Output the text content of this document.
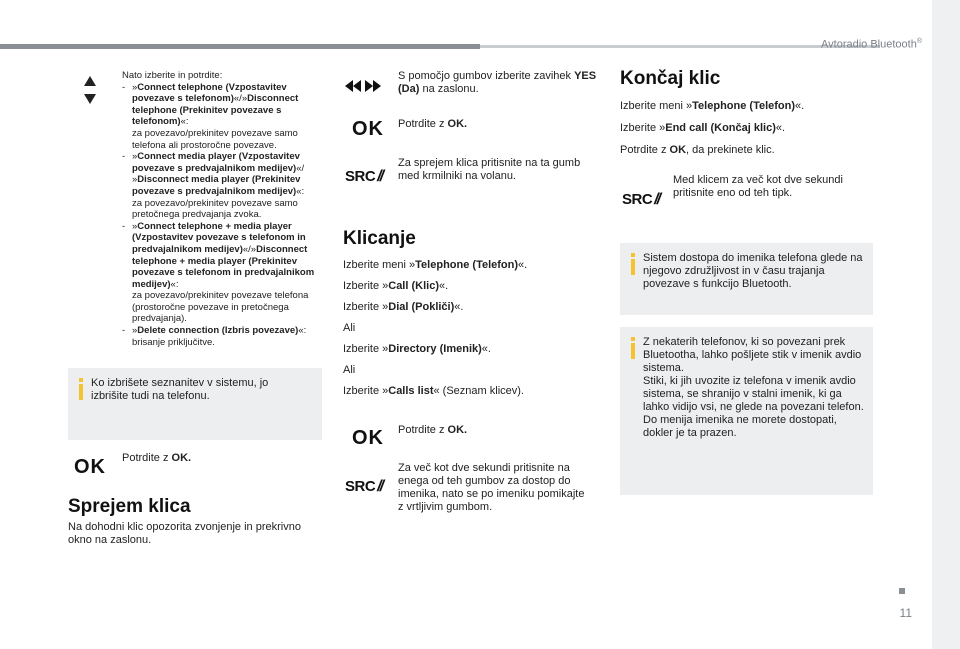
Avtoradio Bluetooth®
11
Nato izberite in potrdite:
- »Connect telephone (Vzpostavitev povezave s telefonom)«/»Disconnect telephone (Prekinitev povezave s telefonom)«:
za povezavo/prekinitev povezave samo telefona ali prostoročne povezave.
- »Connect media player (Vzpostavitev povezave s predvajalnikom medijev)«/ »Disconnect media player (Prekinitev povezave s predvajalnikom medijev)«:
za povezavo/prekinitev povezave samo pretočnega predvajanja zvoka.
- »Connect telephone + media player (Vzpostavitev povezave s telefonom in predvajalnikom medijev)«/»Disconnect telephone + media player (Prekinitev povezave s telefonom in predvajalnikom medijev)«:
za povezavo/prekinitev povezave telefona (prostoročne povezave in pretočnega predvajanja).
- »Delete connection (Izbris povezave)«:
brisanje priključitve.

Ko izbrišete seznanitev v sistemu, jo izbrišite tudi na telefonu.

OK Potrdite z OK.

Sprejem klica

Na dohodni klic opozorita zvonjenje in prekrivno okno na zaslonu.

S pomočjo gumbov izberite zavihek YES (Da) na zaslonu.

OK Potrdite z OK.

SRC //

Za sprejem klica pritisnite na ta gumb med krmilniki na volanu.

Klicanje

Izberite meni »Telephone (Telefon)«.

Izberite »Call (Klic)«.

Izberite »Dial (Pokliči)«.

Ali

Izberite »Directory (Imenik)«.

Ali

Izberite »Calls list« (Seznam klicev).

OK Potrdite z OK.

SRC //

Za več kot dve sekundi pritisnite na enega od teh gumbov za dostop do imenika, nato se po imeniku pomikajte z vrtljivim gumbom.

Končaj klic

Izberite meni »Telephone (Telefon)«.

Izberite »End call (Končaj klic)«.

Potrdite z OK, da prekinete klic.

SRC //

Med klicem za več kot dve sekundi pritisnite eno od teh tipk.

Sistem dostopa do imenika telefona glede na njegovo združljivost in v času trajanja povezave s funkcijo Bluetooth.

Z nekaterih telefonov, ki so povezani prek Bluetootha, lahko pošljete stik v imenik avdio sistema.

Stiki, ki jih uvozite iz telefona v imenik avdio sistema, se shranijo v stalni imenik, ki ga lahko vidijo vsi, ne glede na povezani telefon.

Do menija imenika ne morete dostopati, dokler je ta prazen.
